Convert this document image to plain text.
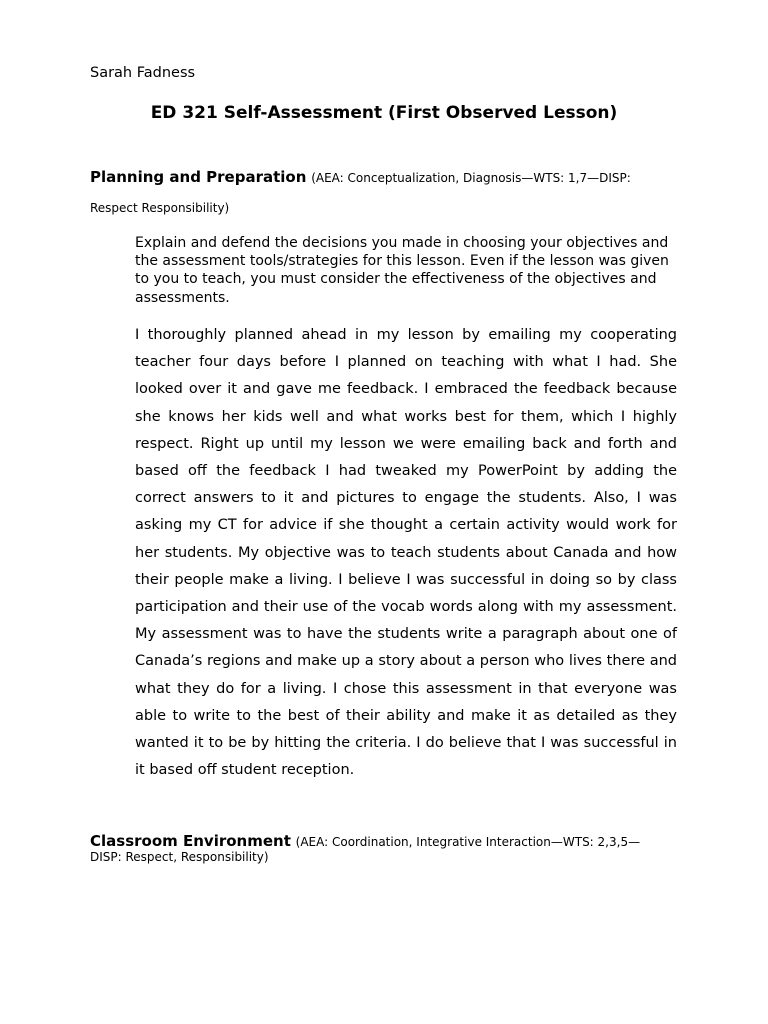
Sarah Fadness
ED 321 Self-Assessment (First Observed Lesson)
Planning and Preparation (AEA: Conceptualization, Diagnosis—WTS: 1,7—DISP:
Respect Responsibility)
Explain and defend the decisions you made in choosing your objectives and the assessment tools/strategies for this lesson. Even if the lesson was given to you to teach, you must consider the effectiveness of the objectives and assessments.
I thoroughly planned ahead in my lesson by emailing my cooperating teacher four days before I planned on teaching with what I had. She looked over it and gave me feedback. I embraced the feedback because she knows her kids well and what works best for them, which I highly respect. Right up until my lesson we were emailing back and forth and based off the feedback I had tweaked my PowerPoint by adding the correct answers to it and pictures to engage the students. Also, I was asking my CT for advice if she thought a certain activity would work for her students. My objective was to teach students about Canada and how their people make a living. I believe I was successful in doing so by class participation and their use of the vocab words along with my assessment. My assessment was to have the students write a paragraph about one of Canada’s regions and make up a story about a person who lives there and what they do for a living. I chose this assessment in that everyone was able to write to the best of their ability and make it as detailed as they wanted it to be by hitting the criteria. I do believe that I was successful in it based off student reception.
Classroom Environment (AEA: Coordination, Integrative Interaction—WTS: 2,3,5—
DISP: Respect, Responsibility)
